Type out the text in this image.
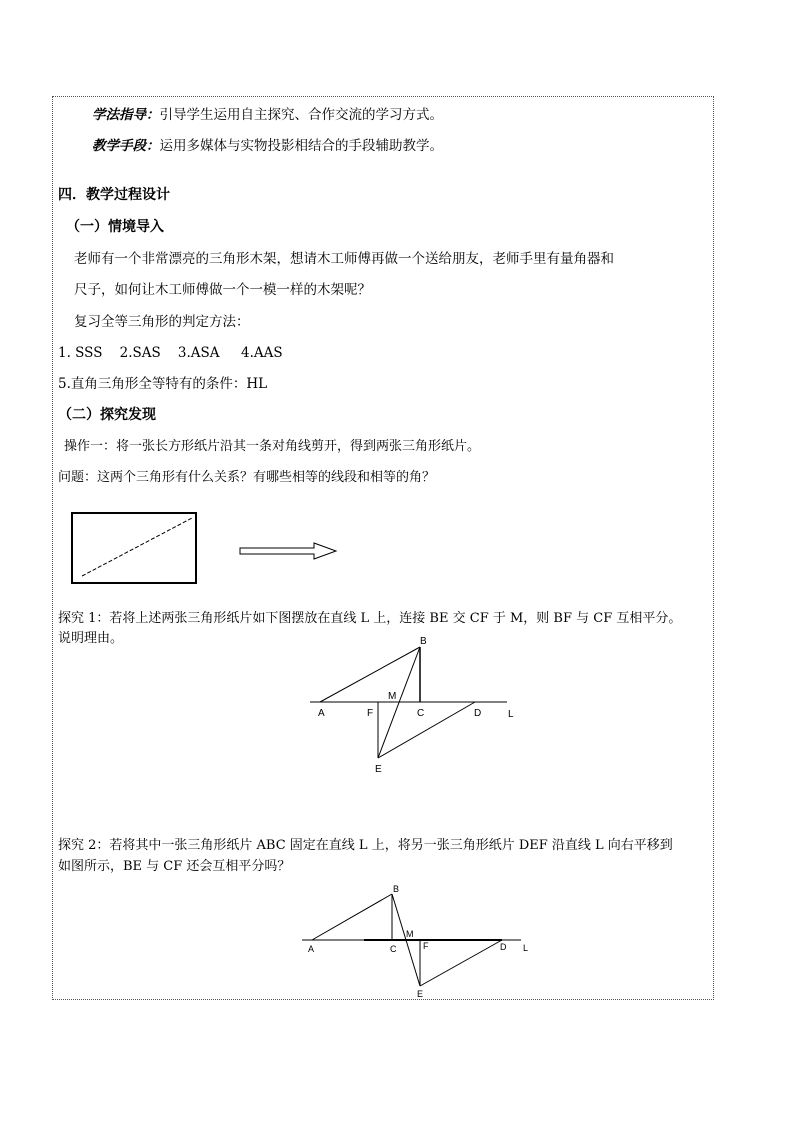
学法指导：引导学生运用自主探究、合作交流的学习方式。
教学手段：运用多媒体与实物投影相结合的手段辅助教学。
四．教学过程设计
（一）情境导入
老师有一个非常漂亮的三角形木架，想请木工师傅再做一个送给朋友，老师手里有量角器和
尺子，如何让木工师傅做一个一模一样的木架呢？
复习全等三角形的判定方法：
1. SSS    2.SAS    3.ASA     4.AAS
5.直角三角形全等特有的条件：HL
（二）探究发现
操作一：将一张长方形纸片沿其一条对角线剪开，得到两张三角形纸片。
问题：这两个三角形有什么关系？有哪些相等的线段和相等的角？
探究 1：若将上述两张三角形纸片如下图摆放在直线 L 上，连接 BE 交 CF 于 M，则 BF 与 CF 互相平分。
说明理由。	B
A	F	C
M
D	L
E
探究 2：若将其中一张三角形纸片 ABC 固定在直线 L 上，将另一张三角形纸片 DEF 沿直线 L 向右平移到
如图所示，BE 与 CF 还会互相平分吗？
B
A	C
M
F	D L
E
